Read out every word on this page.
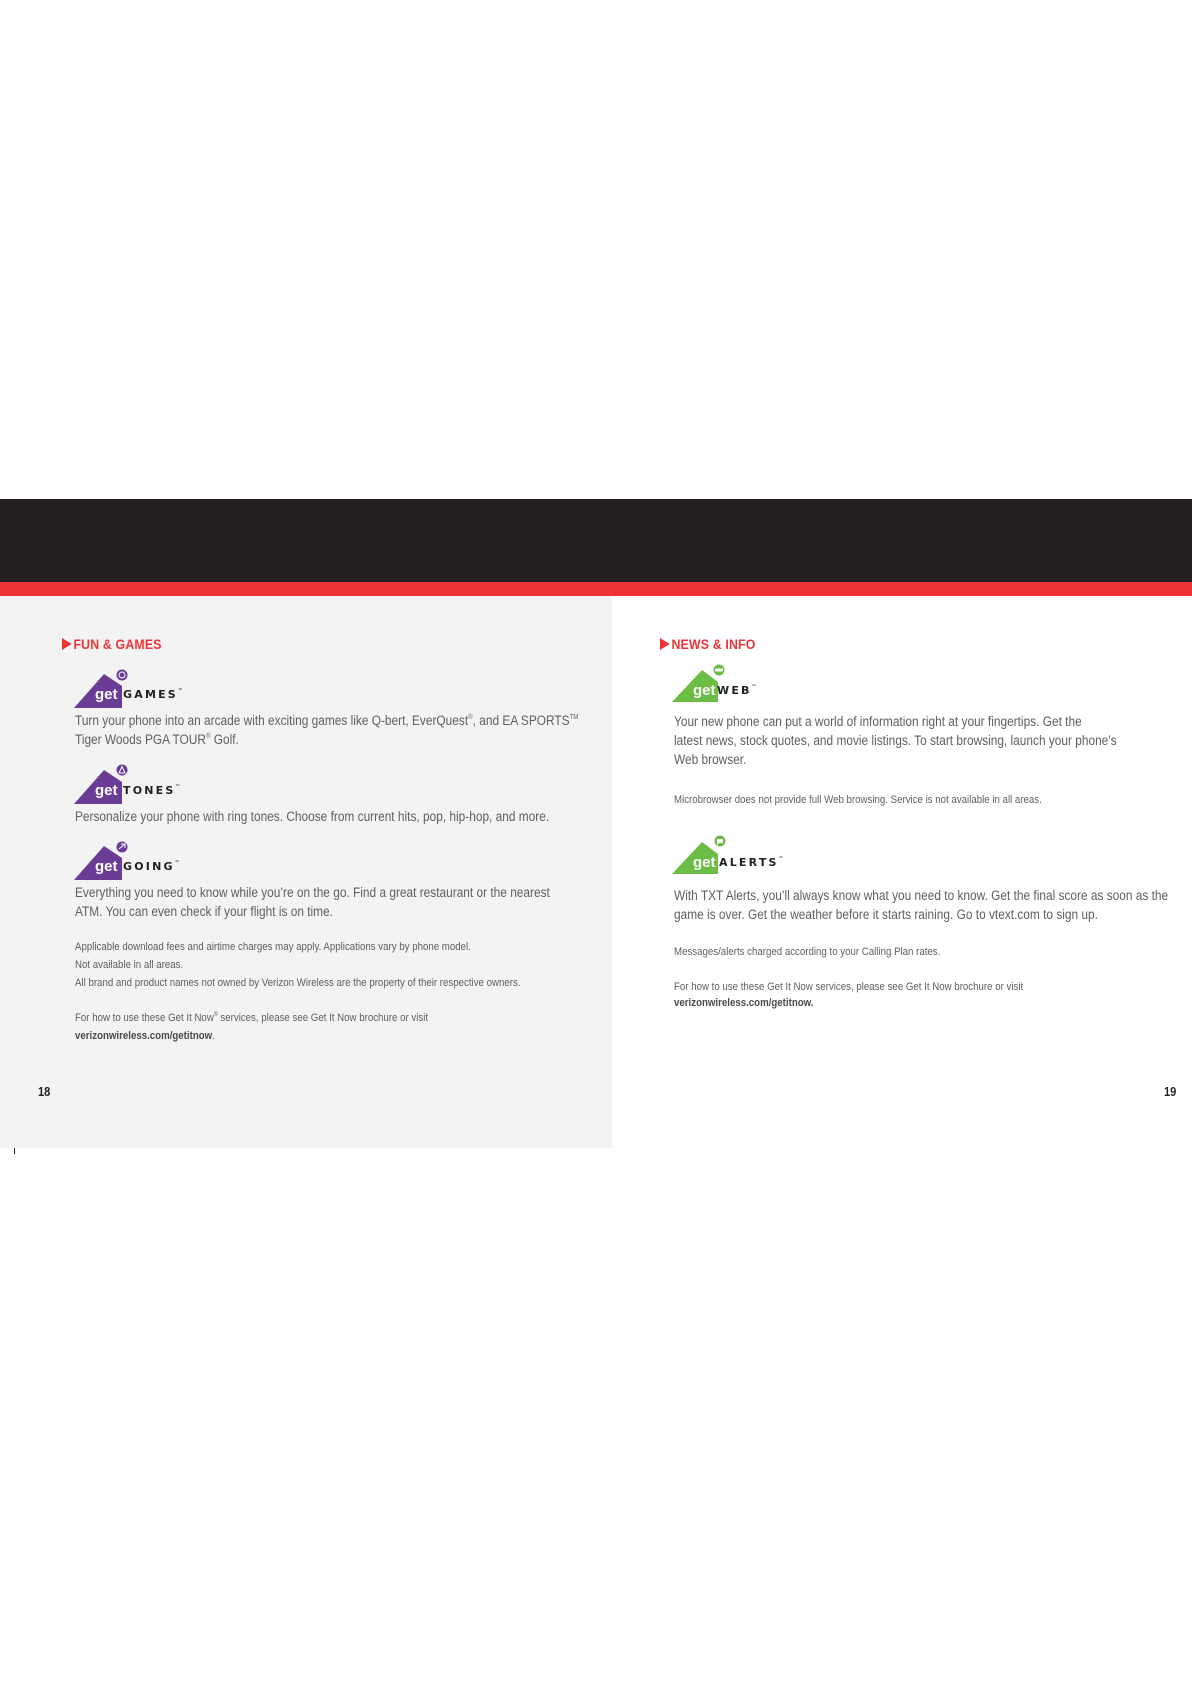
FUN & GAMES
get GAMES™
Turn your phone into an arcade with exciting games like Q-bert, EverQuest®, and EA SPORTS™
Tiger Woods PGA TOUR® Golf.
get TONES™
Personalize your phone with ring tones. Choose from current hits, pop, hip-hop, and more.
get GOING™
Everything you need to know while you’re on the go. Find a great restaurant or the nearest
ATM. You can even check if your flight is on time.
Applicable download fees and airtime charges may apply. Applications vary by phone model.
Not available in all areas.
All brand and product names not owned by Verizon Wireless are the property of their respective owners.
For how to use these Get It Now® services, please see Get It Now brochure or visit
verizonwireless.com/getitnow.
18
NEWS & INFO
get WEB™
Your new phone can put a world of information right at your fingertips. Get the
latest news, stock quotes, and movie listings. To start browsing, launch your phone’s
Web browser.
Microbrowser does not provide full Web browsing. Service is not available in all areas.
get ALERTS™
With TXT Alerts, you’ll always know what you need to know. Get the final score as soon as the
game is over. Get the weather before it starts raining. Go to vtext.com to sign up.
Messages/alerts charged according to your Calling Plan rates.
For how to use these Get It Now services, please see Get It Now brochure or visit
verizonwireless.com/getitnow.
19
